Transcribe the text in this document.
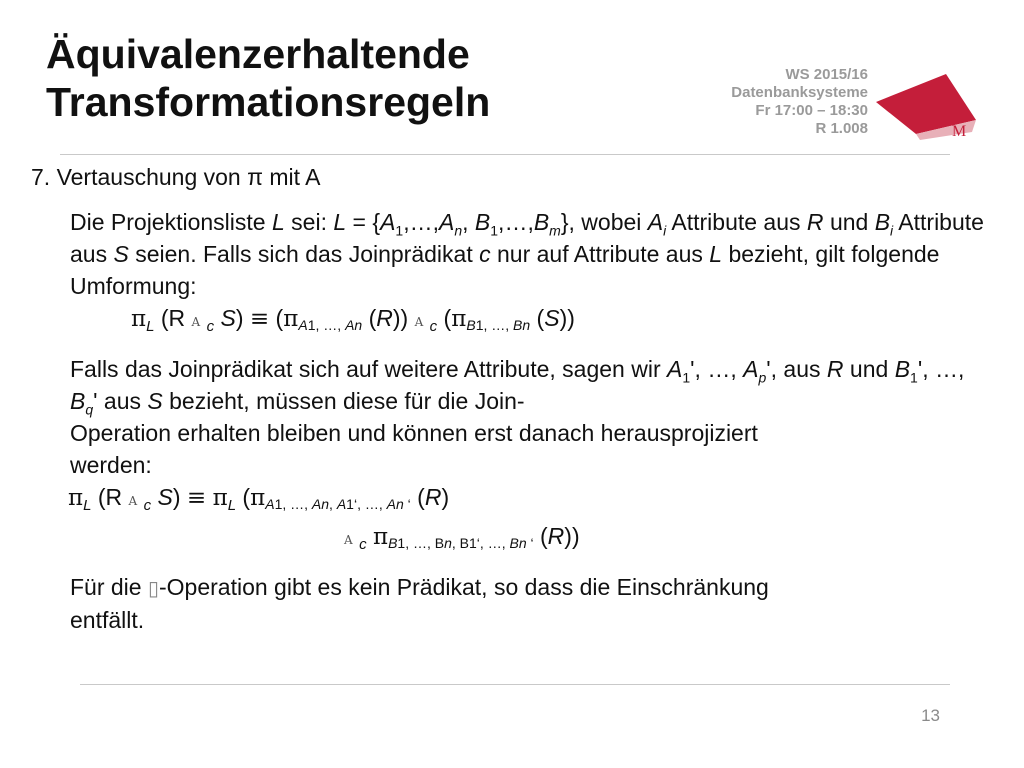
Äquivalenzerhaltende
Transformationsregeln
WS 2015/16
Datenbanksysteme
Fr 17:00 – 18:30
R 1.008	M
7. Vertauschung von π mit A

Die Projektionsliste L sei: $L = \{A_1,\dots,A_n$, $B_1,\dots,B_m$}, wobei $A_i$ Attribute aus R und $B_i$ Attribute aus S seien. Falls sich das Joinprädikat c nur auf Attribute aus L bezieht, gilt folgende Umformung:

$\pi_L$ (R A $_c$ S) ≡ (πA1, …, An (R)) A $_c$ (πB1, …, Bn (S))

Falls das Joinprädikat sich auf weitere Attribute, sagen wir $A_1'$, …, $A_p'$, aus R und $B_1'$, …, $B_q'$ aus S bezieht, müssen diese für die Join-
Operation erhalten bleiben und können erst danach herausprojiziert
werden:

$\pi_L$ (R A $_c$ $S) \equiv \pi_L$ (πA1, …, An, A1‘, …, An ‘ (R)
A $_c$ πB1, …, Bn, B1‘, …, Bn ‘ (R))

Für die ▯-Operation gibt es kein Prädikat, so dass die Einschränkung
entfällt.

13
